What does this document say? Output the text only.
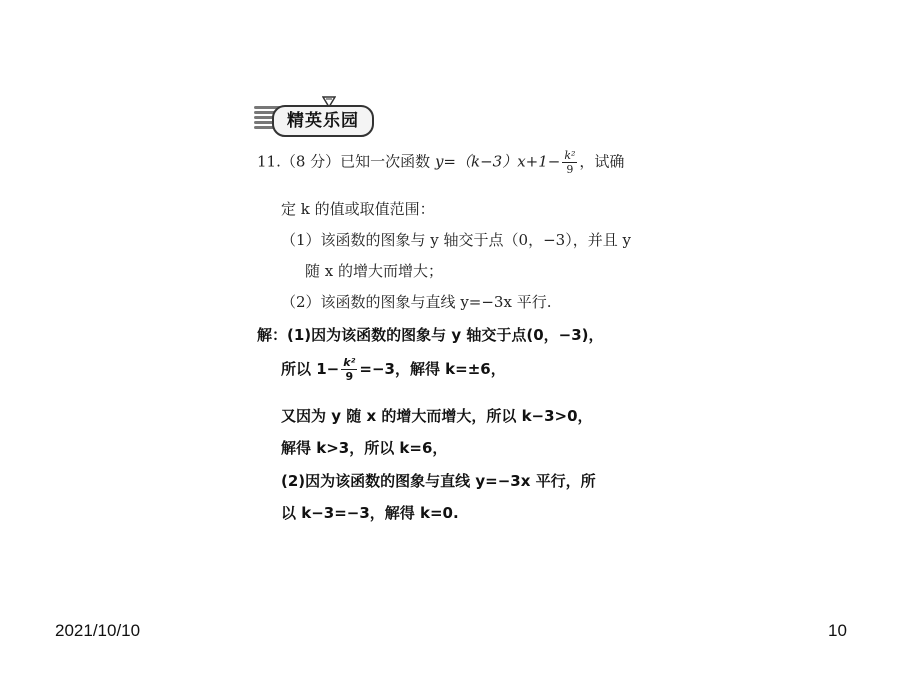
精英乐园
11.（8 分）已知一次函数 $y=(k-3)x+1- \frac{\text{k²}}{9}$ ，试确
定 k 的值或取值范围：
（1）该函数的图象与 y 轴交于点（0，−3），并且 y
随 x 的增大而增大；
（2）该函数的图象与直线 y=−3x 平行.
解：(1)因为该函数的图象与 y 轴交于点(0，−3)，
所以 $1- \frac{\text{k²}}{9} =-3$，解得 k=±6，
又因为 y 随 x 的增大而增大，所以 k−3>0，
解得 k>3，所以 k=6，
(2)因为该函数的图象与直线 y=−3x 平行，所
以 k−3=−3，解得 k=0.
2021/10/10	10
